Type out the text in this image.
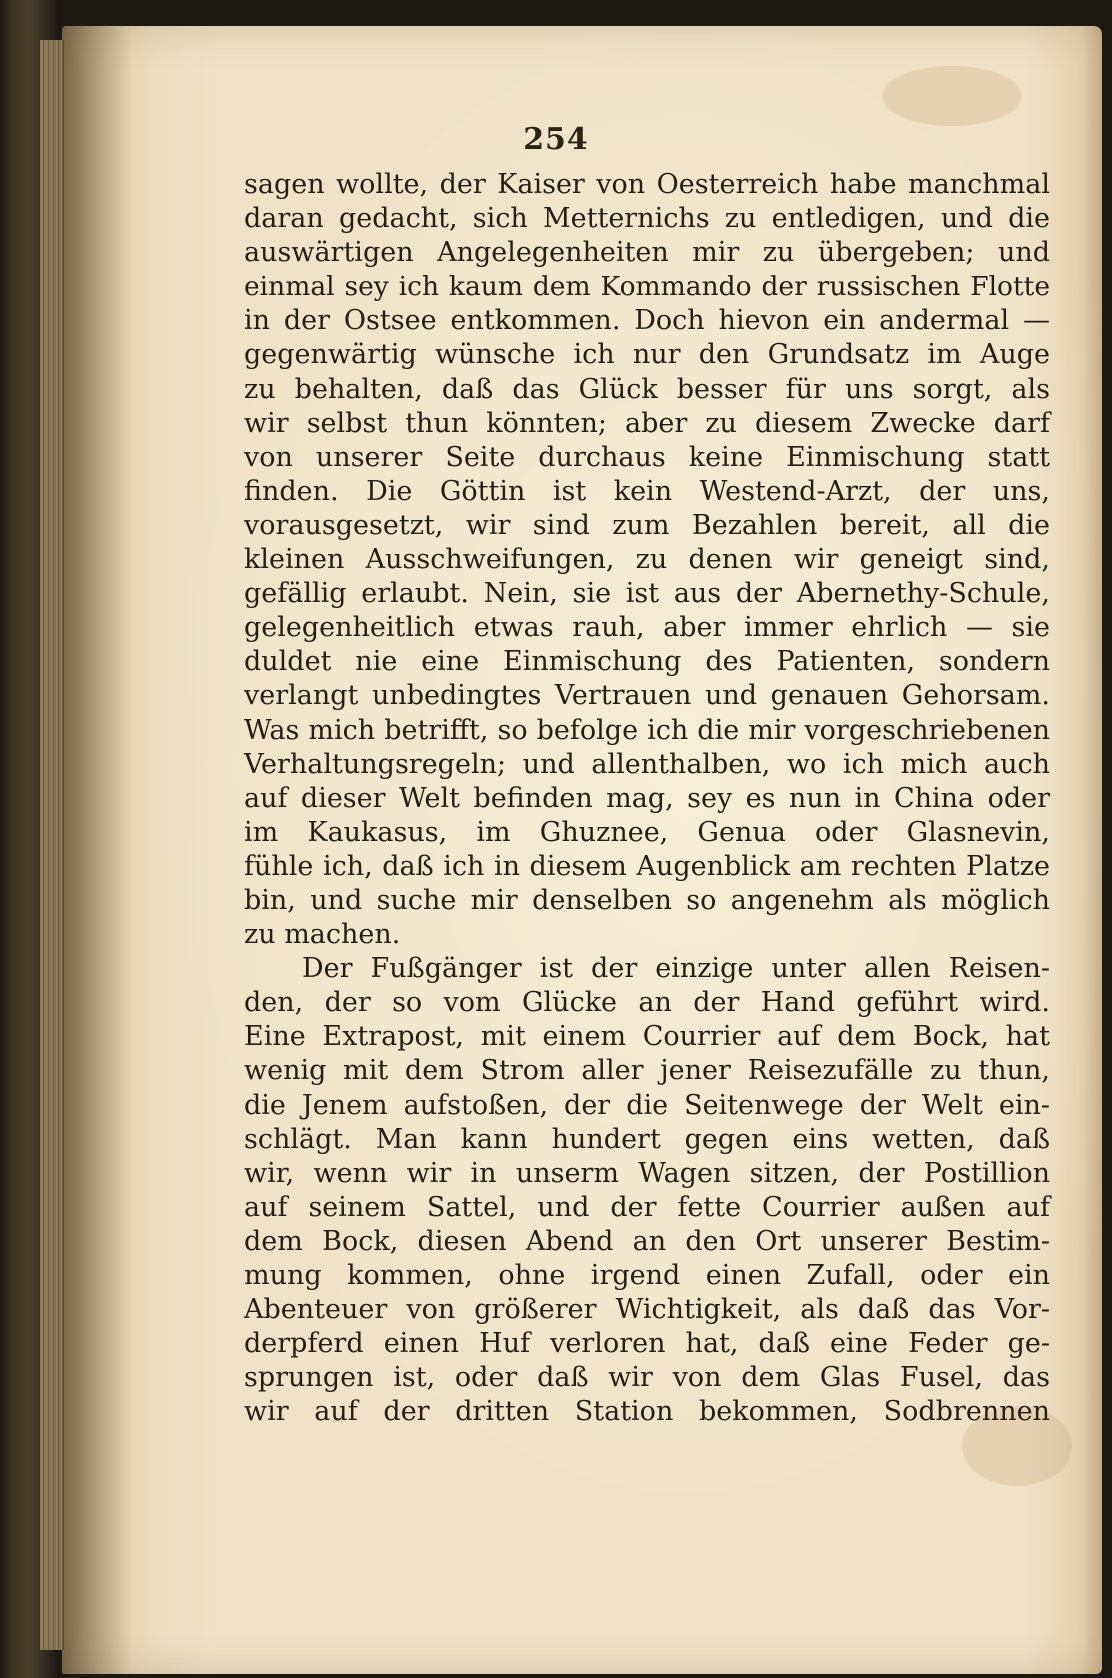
254
sagen wollte, der Kaiser von Oesterreich habe manchmal
daran gedacht, sich Metternichs zu entledigen, und die
auswärtigen Angelegenheiten mir zu übergeben; und
einmal sey ich kaum dem Kommando der russischen Flotte
in der Ostsee entkommen. Doch hievon ein andermal —
gegenwärtig wünsche ich nur den Grundsatz im Auge
zu behalten, daß das Glück besser für uns sorgt, als
wir selbst thun könnten; aber zu diesem Zwecke darf
von unserer Seite durchaus keine Einmischung statt
finden. Die Göttin ist kein Westend-Arzt, der uns,
vorausgesetzt, wir sind zum Bezahlen bereit, all die
kleinen Ausschweifungen, zu denen wir geneigt sind,
gefällig erlaubt. Nein, sie ist aus der Abernethy-Schule,
gelegenheitlich etwas rauh, aber immer ehrlich — sie
duldet nie eine Einmischung des Patienten, sondern
verlangt unbedingtes Vertrauen und genauen Gehorsam.
Was mich betrifft, so befolge ich die mir vorgeschriebenen
Verhaltungsregeln; und allenthalben, wo ich mich auch
auf dieser Welt befinden mag, sey es nun in China oder
im Kaukasus, im Ghuznee, Genua oder Glasnevin,
fühle ich, daß ich in diesem Augenblick am rechten Platze
bin, und suche mir denselben so angenehm als möglich
zu machen.
Der Fußgänger ist der einzige unter allen Reisen-
den, der so vom Glücke an der Hand geführt wird.
Eine Extrapost, mit einem Courrier auf dem Bock, hat
wenig mit dem Strom aller jener Reisezufälle zu thun,
die Jenem aufstoßen, der die Seitenwege der Welt ein-
schlägt. Man kann hundert gegen eins wetten, daß
wir, wenn wir in unserm Wagen sitzen, der Postillion
auf seinem Sattel, und der fette Courrier außen auf
dem Bock, diesen Abend an den Ort unserer Bestim-
mung kommen, ohne irgend einen Zufall, oder ein
Abenteuer von größerer Wichtigkeit, als daß das Vor-
derpferd einen Huf verloren hat, daß eine Feder ge-
sprungen ist, oder daß wir von dem Glas Fusel, das
wir auf der dritten Station bekommen, Sodbrennen
